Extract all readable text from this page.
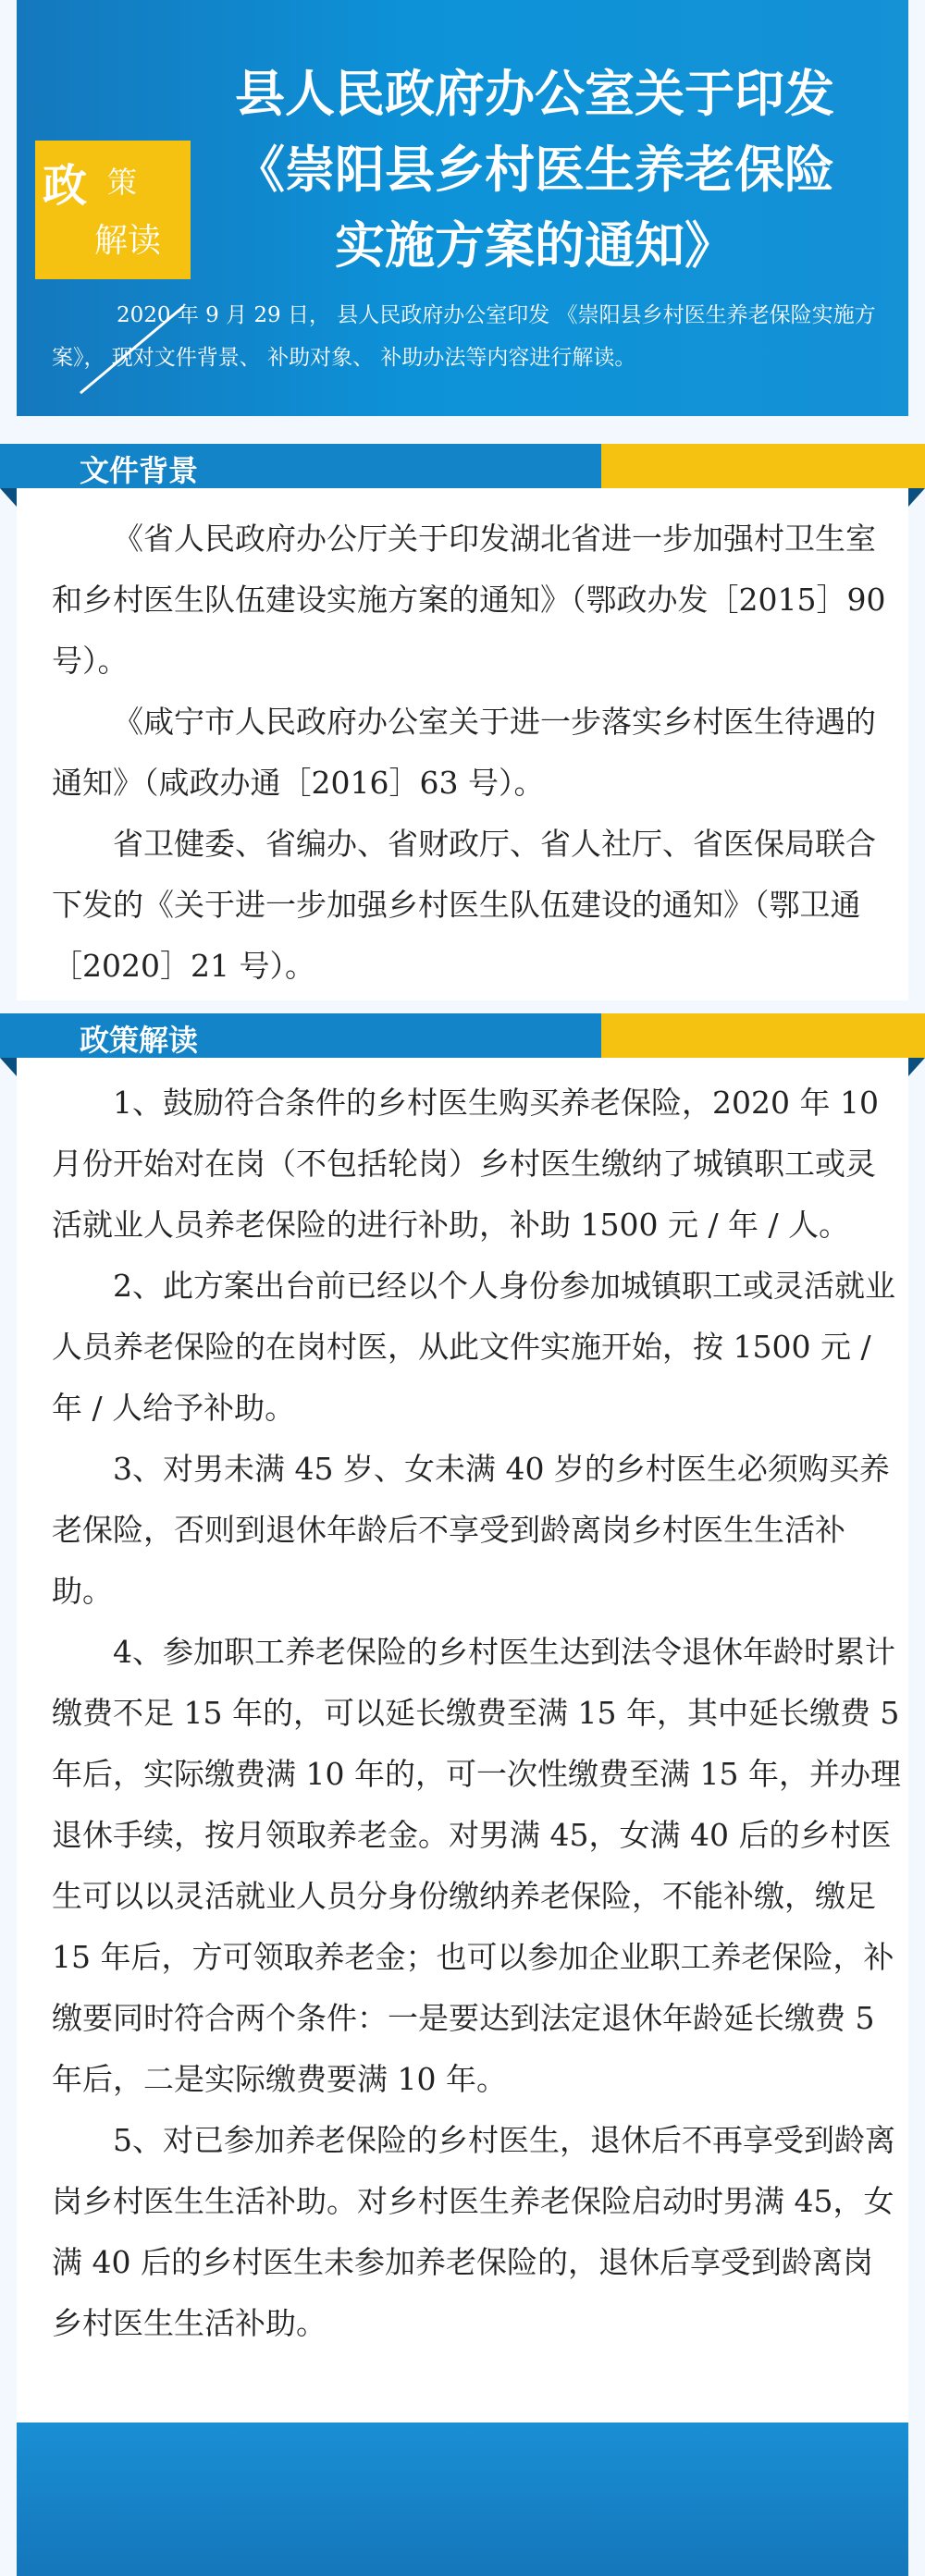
政 策
解读
县人民政府办公室关于印发
《崇阳县乡村医生养老保险
实施方案的通知》

2020 年 9 月 29 日， 县人民政府办公室印发 《崇阳县乡村医生养老保险实施方案》， 现对文件背景、 补助对象、 补助办法等内容进行解读。

文件背景

《省人民政府办公厅关于印发湖北省进一步加强村卫生室和乡村医生队伍建设实施方案的通知》（鄂政办发［2015］90 号）。

《咸宁市人民政府办公室关于进一步落实乡村医生待遇的通知》（咸政办通［2016］63 号）。

省卫健委、省编办、省财政厅、省人社厅、省医保局联合下发的《关于进一步加强乡村医生队伍建设的通知》（鄂卫通［2020］21 号）。

政策解读

1、鼓励符合条件的乡村医生购买养老保险，2020 年 10 月份开始对在岗（不包括轮岗）乡村医生缴纳了城镇职工或灵活就业人员养老保险的进行补助，补助 1500 元 / 年 / 人。

2、此方案出台前已经以个人身份参加城镇职工或灵活就业人员养老保险的在岗村医，从此文件实施开始，按 1500 元 / 年 / 人给予补助。

3、对男未满 45 岁、女未满 40 岁的乡村医生必须购买养老保险，否则到退休年龄后不享受到龄离岗乡村医生生活补助。

4、参加职工养老保险的乡村医生达到法令退休年龄时累计缴费不足 15 年的，可以延长缴费至满 15 年，其中延长缴费 5 年后，实际缴费满 10 年的，可一次性缴费至满 15 年，并办理退休手续，按月领取养老金。对男满 45，女满 40 后的乡村医生可以以灵活就业人员分身份缴纳养老保险，不能补缴，缴足 15 年后，方可领取养老金；也可以参加企业职工养老保险，补缴要同时符合两个条件：一是要达到法定退休年龄延长缴费 5 年后，二是实际缴费要满 10 年。

5、对已参加养老保险的乡村医生，退休后不再享受到龄离岗乡村医生生活补助。对乡村医生养老保险启动时男满 45，女满 40 后的乡村医生未参加养老保险的，退休后享受到龄离岗乡村医生生活补助。
